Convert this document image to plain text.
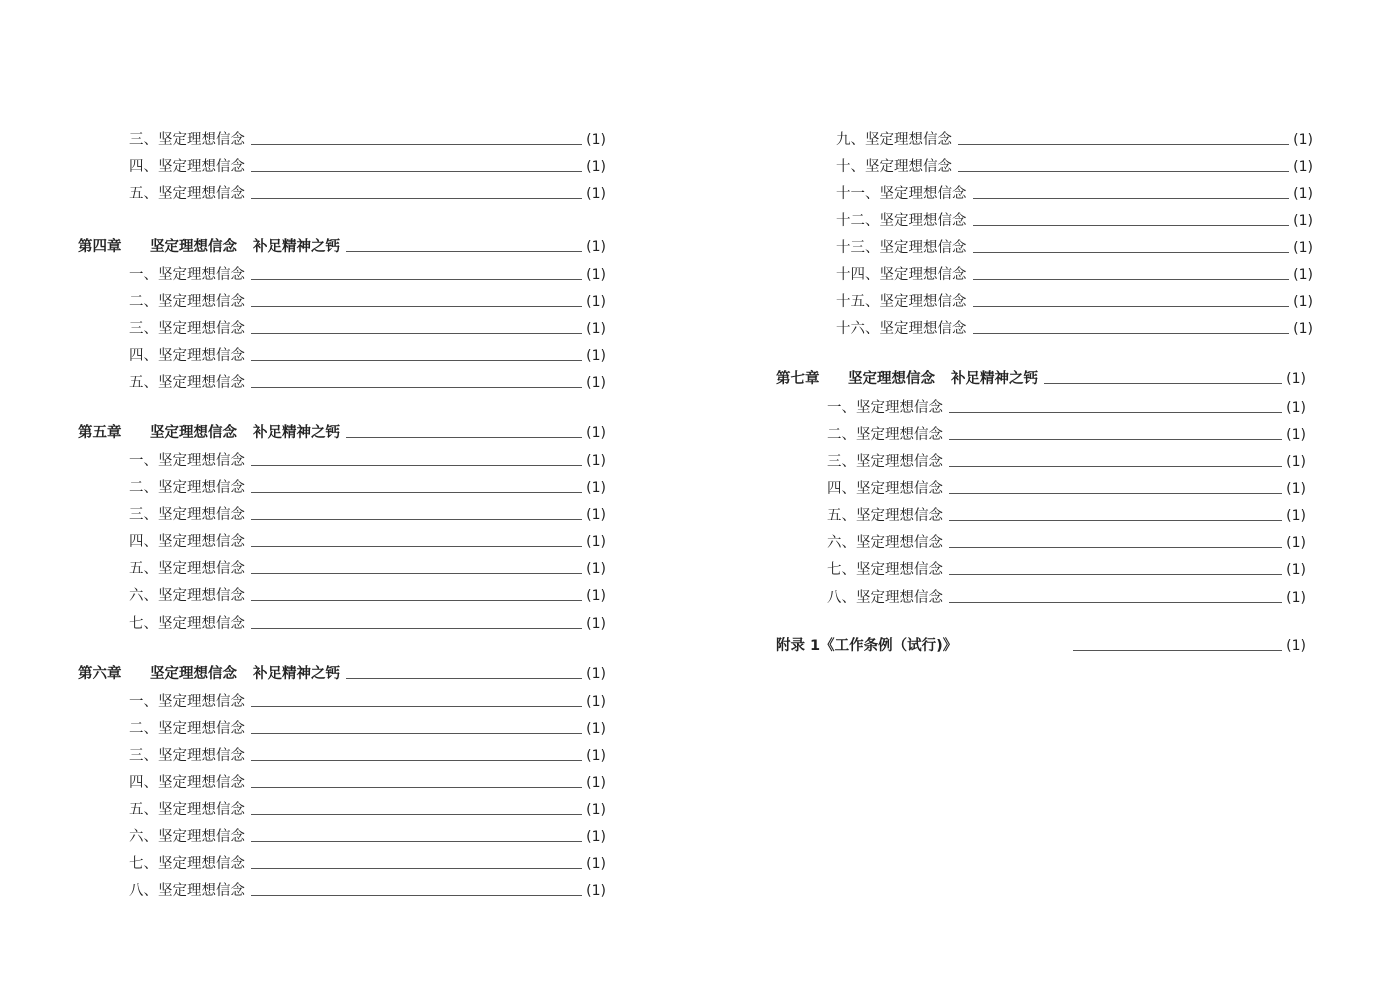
三、坚定理想信念	(1)
四、坚定理想信念	(1)
五、坚定理想信念	(1)
第四章 坚定理想信念 补足精神之钙	(1)
一、坚定理想信念	(1)
二、坚定理想信念	(1)
三、坚定理想信念	(1)
四、坚定理想信念	(1)
五、坚定理想信念	(1)
第五章 坚定理想信念 补足精神之钙	(1)
一、坚定理想信念	(1)
二、坚定理想信念	(1)
三、坚定理想信念	(1)
四、坚定理想信念	(1)
五、坚定理想信念	(1)
六、坚定理想信念	(1)
七、坚定理想信念	(1)
第六章 坚定理想信念 补足精神之钙	(1)
一、坚定理想信念	(1)
二、坚定理想信念	(1)
三、坚定理想信念	(1)
四、坚定理想信念	(1)
五、坚定理想信念	(1)
六、坚定理想信念	(1)
七、坚定理想信念	(1)
八、坚定理想信念	(1)
九、坚定理想信念	(1)
十、坚定理想信念	(1)
十一、坚定理想信念	(1)
十二、坚定理想信念	(1)
十三、坚定理想信念	(1)
十四、坚定理想信念	(1)
十五、坚定理想信念	(1)
十六、坚定理想信念	(1)
第七章 坚定理想信念 补足精神之钙	(1)
一、坚定理想信念	(1)
二、坚定理想信念	(1)
三、坚定理想信念	(1)
四、坚定理想信念	(1)
五、坚定理想信念	(1)
六、坚定理想信念	(1)
七、坚定理想信念	(1)
八、坚定理想信念	(1)
附录 1《工作条例（试行)》	(1)
